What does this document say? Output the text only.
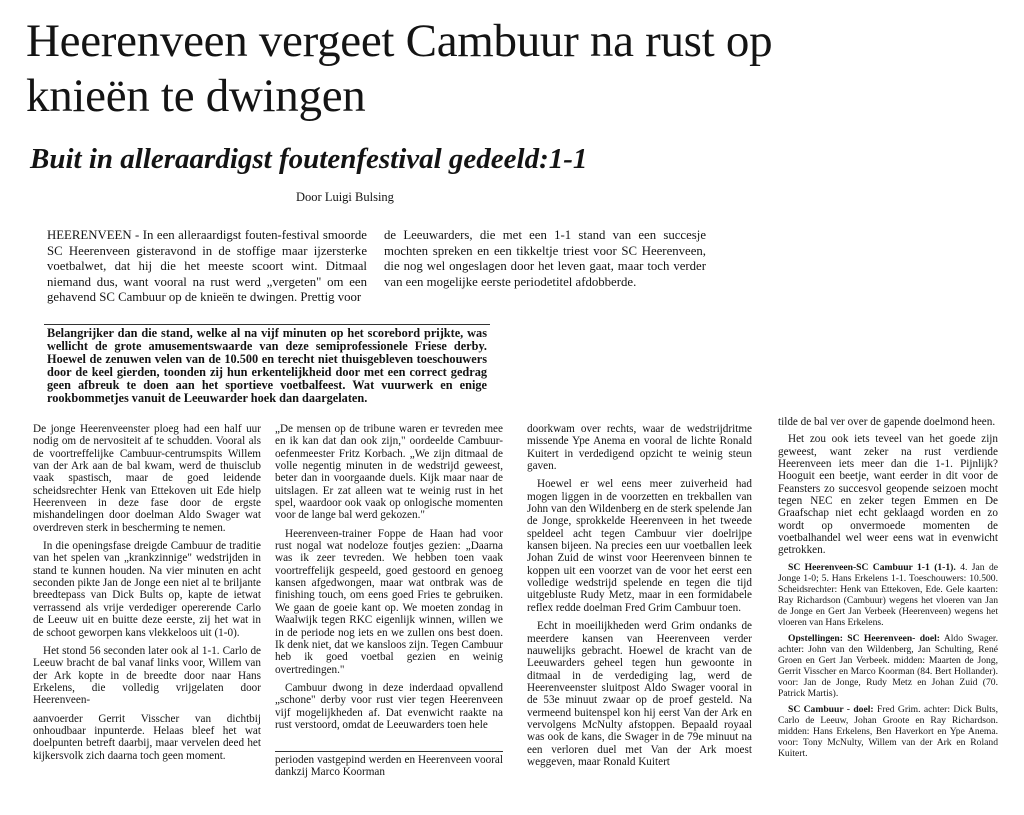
Heerenveen vergeet Cambuur na rust op knieën te dwingen
Buit in alleraardigst foutenfestival gedeeld:1-1
Door Luigi Bulsing

HEERENVEEN - In een alleraardigst fouten-festival smoorde SC Heerenveen gisteravond in de stoffige maar ijzersterke voetbalwet, dat hij die het meeste scoort wint. Ditmaal niemand dus, want vooral na rust werd „vergeten" om een gehavend SC Cambuur op de knieën te dwingen. Prettig voor

de Leeuwarders, die met een 1-1 stand van een succesje mochten spreken en een tikkeltje triest voor SC Heerenveen, die nog wel ongeslagen door het leven gaat, maar toch verder van een mogelijke eerste periodetitel afdobberde.

Belangrijker dan die stand, welke al na vijf minuten op het scorebord prijkte, was wellicht de grote amusementswaarde van deze semiprofessionele Friese derby. Hoewel de zenuwen velen van de 10.500 en terecht niet thuisgebleven toeschouwers door de keel gierden, toonden zij hun erkentelijkheid door met een correct gedrag geen afbreuk te doen aan het sportieve voetbalfeest. Wat vuurwerk en enige rookbommetjes vanuit de Leeuwarder hoek dan daargelaten.

De jonge Heerenveenster ploeg had een half uur nodig om de nervositeit af te schudden. Vooral als de voortreffelijke Cambuur-centrumspits Willem van der Ark aan de bal kwam, werd de thuisclub vaak spastisch, maar de goed leidende scheidsrechter Henk van Ettekoven uit Ede hielp Heerenveen in deze fase door de ergste mishandelingen door doelman Aldo Swager wat overdreven sterk in bescherming te nemen.

In die openingsfase dreigde Cambuur de traditie van het spelen van „krankzinnige" wedstrijden in stand te kunnen houden. Na vier minuten en acht seconden pikte Jan de Jonge een niet al te briljante breedtepass van Dick Bults op, kapte de ietwat verrassend als vrije verdediger opererende Carlo de Leeuw uit en buitte deze eerste, zij het wat in de schoot geworpen kans vlekkeloos uit (1-0).

Het stond 56 seconden later ook al 1-1. Carlo de Leeuw bracht de bal vanaf links voor, Willem van der Ark kopte in de breedte door naar Hans Erkelens, die volledig vrijgelaten door Heerenveen-

aanvoerder Gerrit Visscher van dichtbij onhoudbaar inpunterde. Helaas bleef het wat doelpunten betreft daarbij, maar vervelen deed het kijkersvolk zich daarna toch geen moment.

„De mensen op de tribune waren er tevreden mee en ik kan dat dan ook zijn," oordeelde Cambuur-oefenmeester Fritz Korbach. „We zijn ditmaal de volle negentig minuten in de wedstrijd geweest, beter dan in voorgaande duels. Kijk maar naar de uitslagen. Er zat alleen wat te weinig rust in het spel, waardoor ook vaak op onlogische momenten voor de lange bal werd gekozen."

Heerenveen-trainer Foppe de Haan had voor rust nogal wat nodeloze foutjes gezien: „Daarna was ik zeer tevreden. We hebben toen vaak voortreffelijk gespeeld, goed gestoord en genoeg kansen afgedwongen, maar wat ontbrak was de finishing touch, om eens goed Fries te gebruiken. We gaan de goeie kant op. We moeten zondag in Waalwijk tegen RKC eigenlijk winnen, willen we in de periode nog iets en we zullen ons best doen. Ik denk niet, dat we kansloos zijn. Tegen Cambuur heb ik goed voetbal gezien en weinig overtredingen."

Cambuur dwong in deze inderdaad opvallend „schone" derby voor rust vier tegen Heerenveen vijf mogelijkheden af. Dat evenwicht raakte na rust verstoord, omdat de Leeuwarders toen hele

perioden vastgepind werden en Heerenveen vooral dankzij Marco Koorman

doorkwam over rechts, waar de wedstrijdritme missende Ype Anema en vooral de lichte Ronald Kuitert in verdedigend opzicht te weinig steun gaven.

Hoewel er wel eens meer zuiverheid had mogen liggen in de voorzetten en trekballen van John van den Wildenberg en de sterk spelende Jan de Jonge, sprokkelde Heerenveen in het tweede speldeel acht tegen Cambuur vier doelrijpe kansen bijeen. Na precies een uur voetballen leek Johan Zuid de winst voor Heerenveen binnen te koppen uit een voorzet van de voor het eerst een volledige wedstrijd spelende en tegen die tijd uitgebluste Rudy Metz, maar in een formidabele reflex redde doelman Fred Grim Cambuur toen.

Echt in moeilijkheden werd Grim ondanks de meerdere kansen van Heerenveen verder nauwelijks gebracht. Hoewel de kracht van de Leeuwarders geheel tegen hun gewoonte in ditmaal in de verdediging lag, werd de Heerenveenster sluitpost Aldo Swager vooral in de 53e minuut zwaar op de proef gesteld. Na vermeend buitenspel kon hij eerst Van der Ark en vervolgens McNulty afstoppen. Bepaald royaal was ook de kans, die Swager in de 79e minuut na een verloren duel met Van der Ark moest weggeven, maar Ronald Kuitert

tilde de bal ver over de gapende doelmond heen.

Het zou ook iets teveel van het goede zijn geweest, want zeker na rust verdiende Heerenveen iets meer dan die 1-1. Pijnlijk? Hooguit een beetje, want eerder in dit voor de Feansters zo succesvol geopende seizoen mocht tegen NEC en zeker tegen Emmen en De Graafschap niet echt geklaagd worden en zo wordt op onvermoede momenten de voetbalhandel wel weer eens wat in evenwicht getrokken.

SC Heerenveen-SC Cambuur 1-1 (1-1). 4. Jan de Jonge 1-0; 5. Hans Erkelens 1-1. Toeschouwers: 10.500. Scheidsrechter: Henk van Ettekoven, Ede. Gele kaarten: Ray Richardson (Cambuur) wegens het vloeren van Jan de Jonge en Gert Jan Verbeek (Heerenveen) wegens het vloeren van Hans Erkelens.

Opstellingen: SC Heerenveen- doel: Aldo Swager. achter: John van den Wildenberg, Jan Schulting, René Groen en Gert Jan Verbeek. midden: Maarten de Jong, Gerrit Visscher en Marco Koorman (84. Bert Hollander). voor: Jan de Jonge, Rudy Metz en Johan Zuid (70. Patrick Martis).

SC Cambuur - doel: Fred Grim. achter: Dick Bults, Carlo de Leeuw, Johan Groote en Ray Richardson. midden: Hans Erkelens, Ben Haverkort en Ype Anema. voor: Tony McNulty, Willem van der Ark en Roland Kuitert.
